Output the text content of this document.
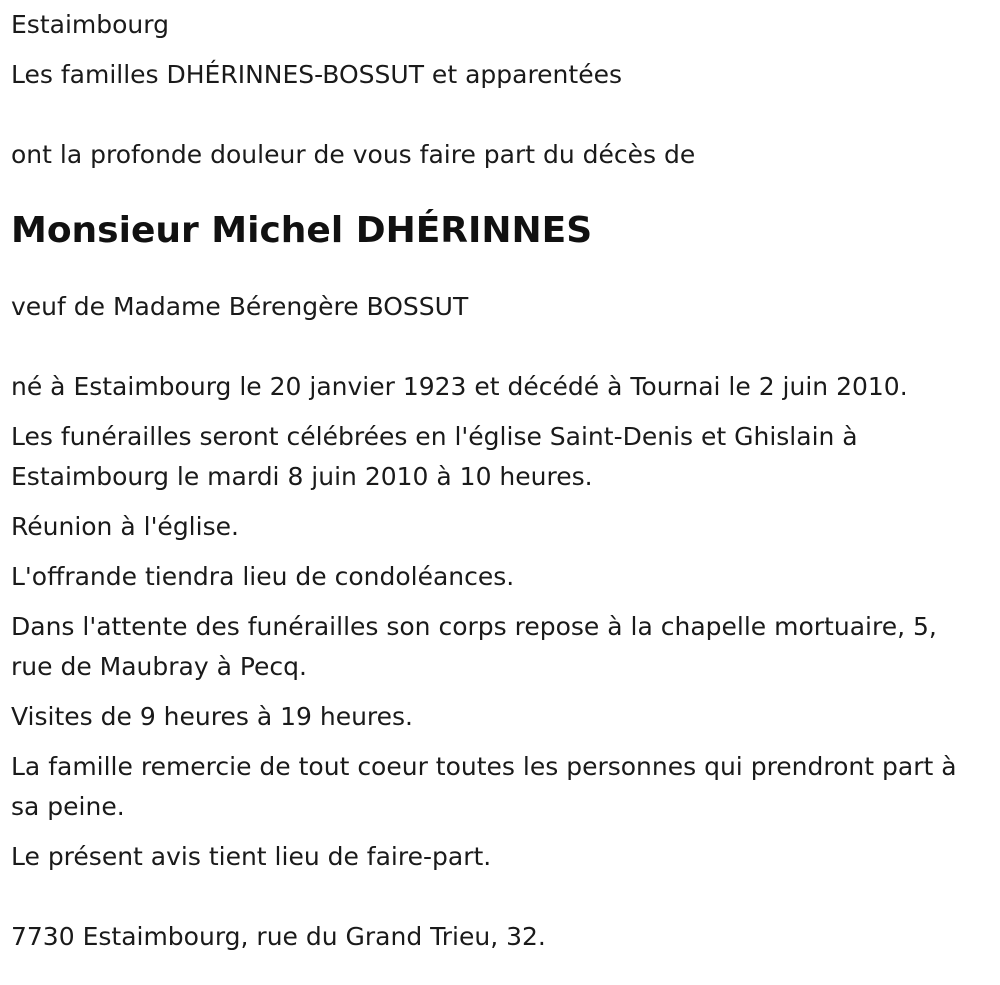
Estaimbourg

Les familles DHÉRINNES-BOSSUT et apparentées

ont la profonde douleur de vous faire part du décès de

Monsieur Michel DHÉRINNES

veuf de Madame Bérengère BOSSUT

né à Estaimbourg le 20 janvier 1923 et décédé à Tournai le 2 juin 2010.

Les funérailles seront célébrées en l'église Saint-Denis et Ghislain à Estaimbourg le mardi 8 juin 2010 à 10 heures.

Réunion à l'église.

L'offrande tiendra lieu de condoléances.

Dans l'attente des funérailles son corps repose à la chapelle mortuaire, 5, rue de Maubray à Pecq.

Visites de 9 heures à 19 heures.

La famille remercie de tout coeur toutes les personnes qui prendront part à sa peine.

Le présent avis tient lieu de faire-part.

7730 Estaimbourg, rue du Grand Trieu, 32.
